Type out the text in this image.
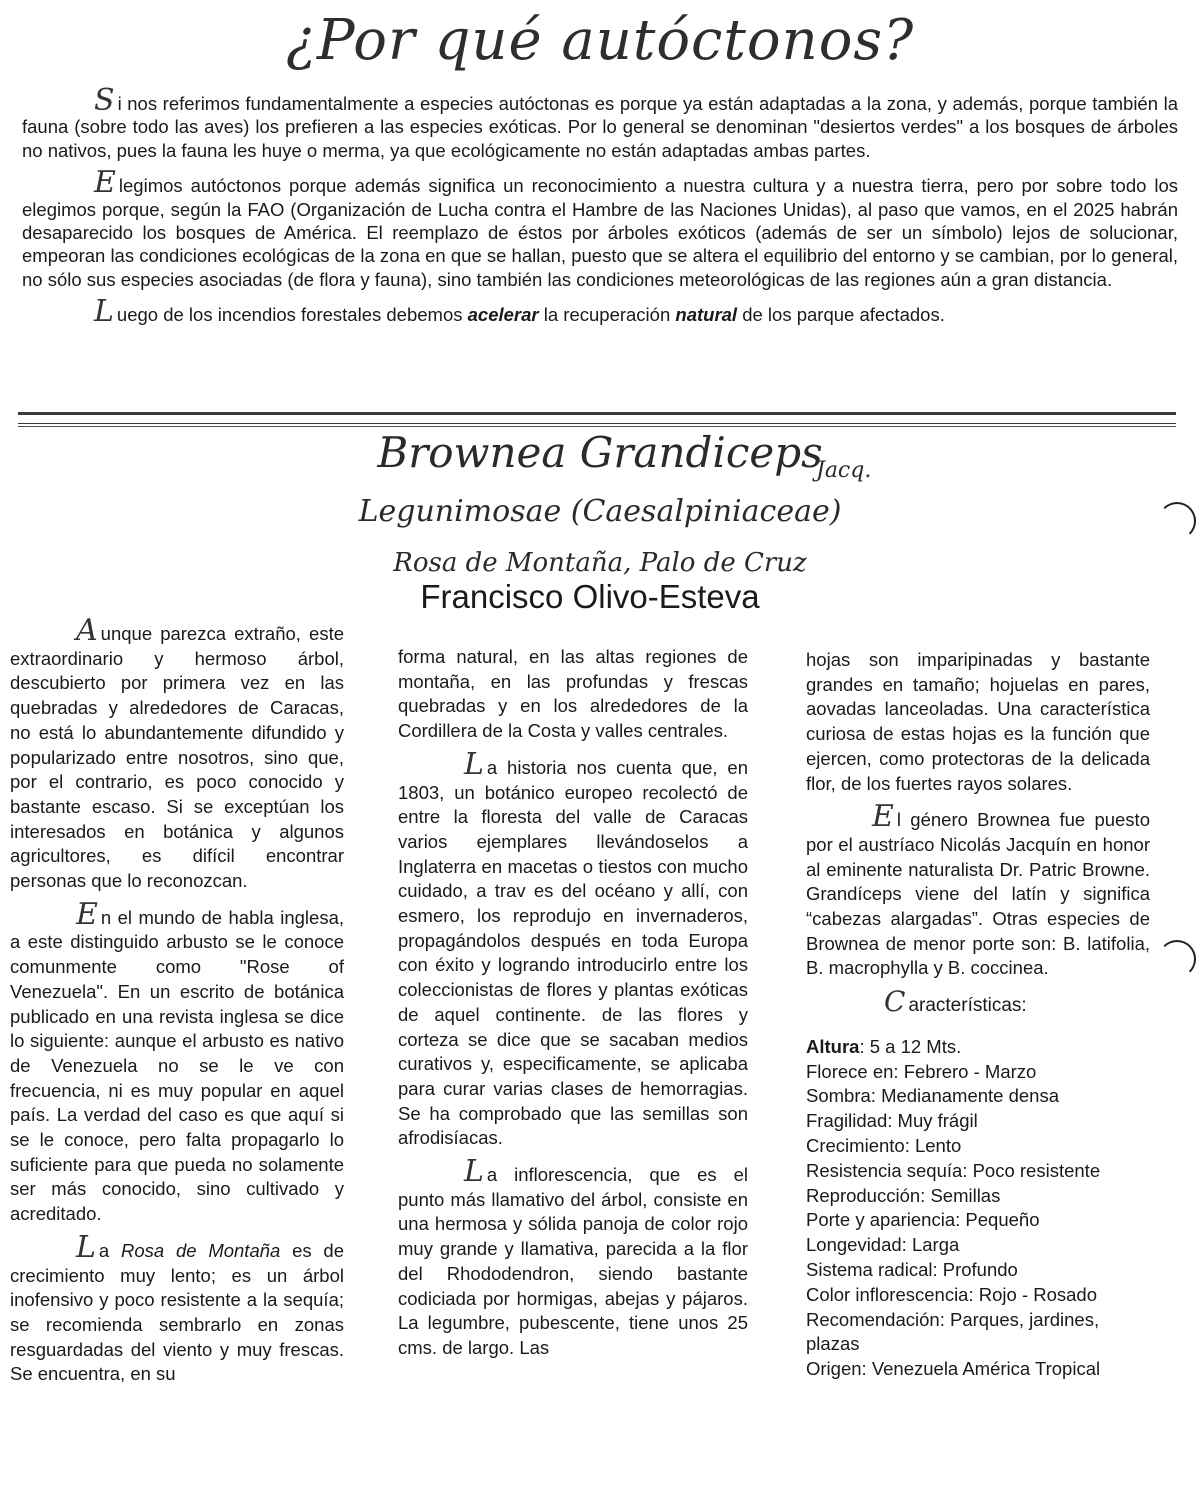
¿Por qué autóctonos?

Si nos referimos fundamentalmente a especies autóctonas es porque ya están adaptadas a la zona, y además, porque también la fauna (sobre todo las aves) los prefieren a las especies exóticas. Por lo general se denominan "desiertos verdes" a los bosques de árboles no nativos, pues la fauna les huye o merma, ya que ecológicamente no están adaptadas ambas partes.

Elegimos autóctonos porque además significa un reconocimiento a nuestra cultura y a nuestra tierra, pero por sobre todo los elegimos porque, según la FAO (Organización de Lucha contra el Hambre de las Naciones Unidas), al paso que vamos, en el 2025 habrán desaparecido los bosques de América. El reemplazo de éstos por árboles exóticos (además de ser un símbolo) lejos de solucionar, empeoran las condiciones ecológicas de la zona en que se hallan, puesto que se altera el equilibrio del entorno y se cambian, por lo general, no sólo sus especies asociadas (de flora y fauna), sino también las condiciones meteorológicas de las regiones aún a gran distancia.

Luego de los incendios forestales debemos acelerar la recuperación natural de los parque afectados.

Brownea Grandiceps
Jacq.
Legunimosae (Caesalpiniaceae)
Rosa de Montaña, Palo de Cruz
Francisco Olivo-Esteva

Aunque parezca extraño, este extraordinario y hermoso árbol, descubierto por primera vez en las quebradas y alrededores de Caracas, no está lo abundantemente difundido y popularizado entre nosotros, sino que, por el contrario, es poco conocido y bastante escaso. Si se exceptúan los interesados en botánica y algunos agricultores, es difícil encontrar personas que lo reconozcan.

En el mundo de habla inglesa, a este distinguido arbusto se le conoce comunmente como "Rose of Venezuela". En un escrito de botánica publicado en una revista inglesa se dice lo siguiente: aunque el arbusto es nativo de Venezuela no se le ve con frecuencia, ni es muy popular en aquel país. La verdad del caso es que aquí si se le conoce, pero falta propagarlo lo suficiente para que pueda no solamente ser más conocido, sino cultivado y acreditado.

La Rosa de Montaña es de crecimiento muy lento; es un árbol inofensivo y poco resistente a la sequía; se recomienda sembrarlo en zonas resguardadas del viento y muy frescas. Se encuentra, en su

forma natural, en las altas regiones de montaña, en las profundas y frescas quebradas y en los alrededores de la Cordillera de la Costa y valles centrales.

La historia nos cuenta que, en 1803, un botánico europeo recolectó de entre la floresta del valle de Caracas varios ejemplares llevándoselos a Inglaterra en macetas o tiestos con mucho cuidado, a trav es del océano y allí, con esmero, los reprodujo en invernaderos, propagándolos después en toda Europa con éxito y logrando introducirlo entre los coleccionistas de flores y plantas exóticas de aquel continente. de las flores y corteza se dice que se sacaban medios curativos y, especificamente, se aplicaba para curar varias clases de hemorragias. Se ha comprobado que las semillas son afrodisíacas.

La inflorescencia, que es el punto más llamativo del árbol, consiste en una hermosa y sólida panoja de color rojo muy grande y llamativa, parecida a la flor del Rhododendron, siendo bastante codiciada por hormigas, abejas y pájaros. La legumbre, pubescente, tiene unos 25 cms. de largo. Las

hojas son imparipinadas y bastante grandes en tamaño; hojuelas en pares, aovadas lanceoladas. Una característica curiosa de estas hojas es la función que ejercen, como protectoras de la delicada flor, de los fuertes rayos solares.

El género Brownea fue puesto por el austríaco Nicolás Jacquín en honor al eminente naturalista Dr. Patric Browne. Grandíceps viene del latín y significa “cabezas alargadas”. Otras especies de Brownea de menor porte son: B. latifolia, B. macrophylla y B. coccinea.

C aracterísticas:

Altura: 5 a 12 Mts.
Florece en: Febrero - Marzo
Sombra: Medianamente densa
Fragilidad: Muy frágil
Crecimiento: Lento
Resistencia sequía: Poco resistente
Reproducción: Semillas
Porte y apariencia: Pequeño
Longevidad: Larga
Sistema radical: Profundo
Color inflorescencia: Rojo - Rosado
Recomendación: Parques, jardines, plazas
Origen: Venezuela América Tropical
